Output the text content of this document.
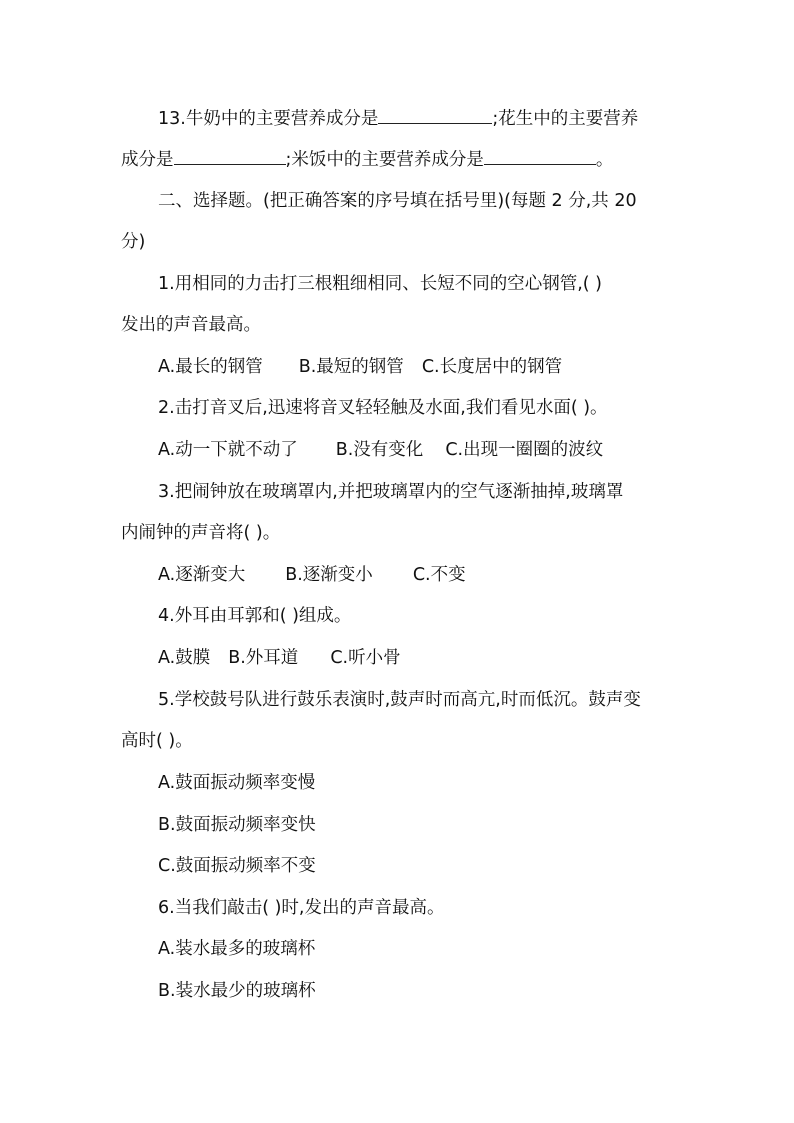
13.牛奶中的主要营养成分是	;花生中的主要营养
成分是	;米饭中的主要营养成分是	。
二、选择题。(把正确答案的序号填在括号里)(每题 2 分,共 20
分)
1.用相同的力击打三根粗细相同、长短不同的空心钢管,( )
发出的声音最高。
A.最长的钢管 B.最短的钢管 C.长度居中的钢管
2.击打音叉后,迅速将音叉轻轻触及水面,我们看见水面( )。
A.动一下就不动了 B.没有变化 C.出现一圈圈的波纹
3.把闹钟放在玻璃罩内,并把玻璃罩内的空气逐渐抽掉,玻璃罩
内闹钟的声音将( )。
A.逐渐变大 B.逐渐变小 C.不变
4.外耳由耳郭和( )组成。
A.鼓膜 B.外耳道 C.听小骨
5.学校鼓号队进行鼓乐表演时,鼓声时而高亢,时而低沉。鼓声变
高时( )。
A.鼓面振动频率变慢
B.鼓面振动频率变快
C.鼓面振动频率不变
6.当我们敲击( )时,发出的声音最高。
A.装水最多的玻璃杯
B.装水最少的玻璃杯
